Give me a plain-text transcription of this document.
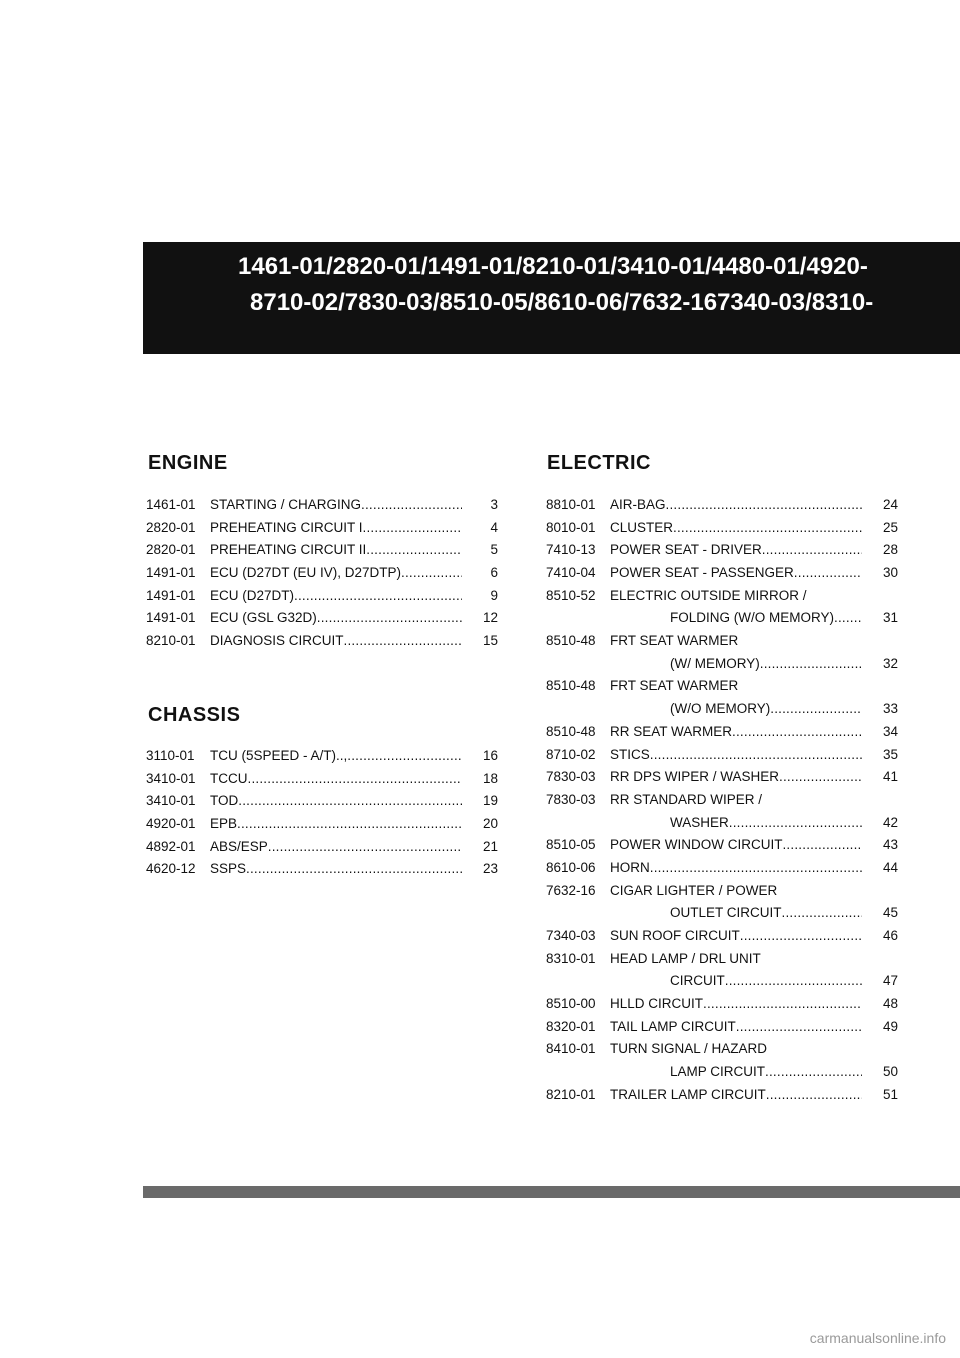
1461-01/2820-01/1491-01/8210-01/3410-01/4480-01/4920-
8710-02/7830-03/8510-05/8610-06/7632-167340-03/8310-
ENGINE
1461-01	STARTING / CHARGING .....	3
2820-01	PREHEATING CIRCUIT I .....	4
2820-01	PREHEATING CIRCUIT II .....	5
1491-01	ECU (D27DT (EU IV), D27DTP) .....	6
1491-01	ECU (D27DT) .....	9
1491-01	ECU (GSL G32D) .....	12
8210-01	DIAGNOSIS CIRCUIT .....	15
CHASSIS
3110-01	TCU (5SPEED - A/T).., .....	16
3410-01	TCCU .....	18
3410-01	TOD .....	19
4920-01	EPB .....	20
4892-01	ABS/ESP .....	21
4620-12	SSPS .....	23
ELECTRIC
8810-01	AIR-BAG .....	24
8010-01	CLUSTER .....	25
7410-13	POWER SEAT - DRIVER .....	28
7410-04	POWER SEAT - PASSENGER .....	30
8510-52	ELECTRIC OUTSIDE MIRROR /
FOLDING (W/O MEMORY) .....	31
8510-48	FRT SEAT WARMER
(W/ MEMORY) .....	32
8510-48	FRT SEAT WARMER
(W/O MEMORY) .....	33
8510-48	RR SEAT WARMER .....	34
8710-02	STICS .....	35
7830-03	RR DPS WIPER / WASHER .....	41
7830-03	RR STANDARD WIPER /
WASHER .....	42
8510-05	POWER WINDOW CIRCUIT .....	43
8610-06	HORN .....	44
7632-16	CIGAR LIGHTER / POWER
OUTLET CIRCUIT .....	45
7340-03	SUN ROOF CIRCUIT .....	46
8310-01	HEAD LAMP / DRL UNIT
CIRCUIT .....	47
8510-00	HLLD CIRCUIT .....	48
8320-01	TAIL LAMP CIRCUIT .....	49
8410-01	TURN SIGNAL / HAZARD
LAMP CIRCUIT .....	50
8210-01	TRAILER LAMP CIRCUIT .....	51
carmanualsonline.info
